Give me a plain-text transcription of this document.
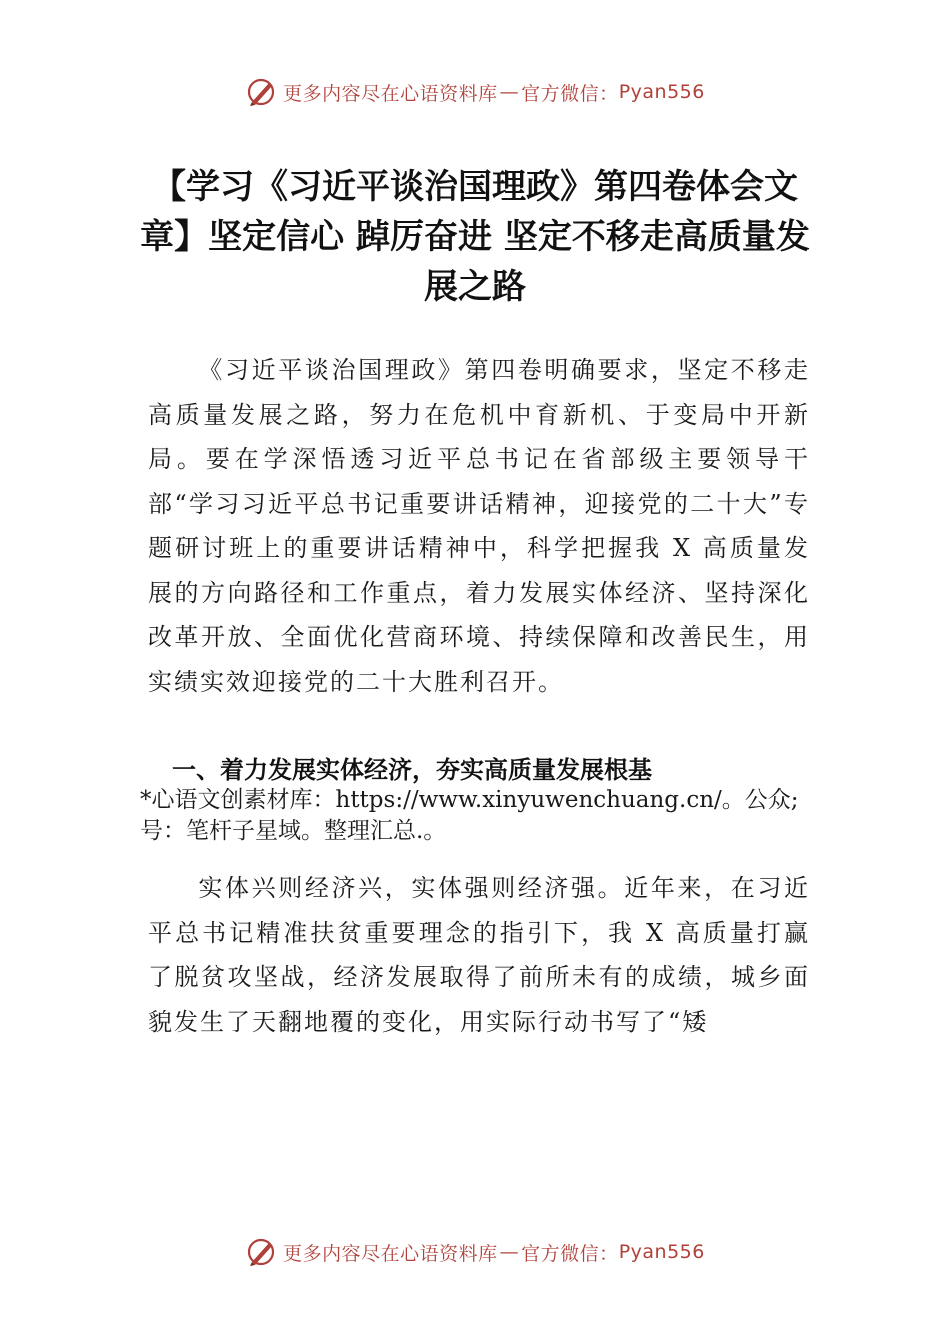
更多内容尽在心语资料库 — 官方微信： Pyan556
【学习《习近平谈治国理政》第四卷体会文章】坚定信心 踔厉奋进 坚定不移走高质量发展之路

《习近平谈治国理政》第四卷明确要求，坚定不移走高质量发展之路，努力在危机中育新机、于变局中开新局。要在学深悟透习近平总书记在省部级主要领导干部“学习习近平总书记重要讲话精神，迎接党的二十大”专题研讨班上的重要讲话精神中，科学把握我 X 高质量发展的方向路径和工作重点，着力发展实体经济、坚持深化改革开放、全面优化营商环境、持续保障和改善民生，用实绩实效迎接党的二十大胜利召开。

一、着力发展实体经济，夯实高质量发展根基

*心语文创素材库：https://www.xinyuwenchuang.cn/。公众;号：笔杆子星域。整理汇总.。

实体兴则经济兴，实体强则经济强。近年来，在习近平总书记精准扶贫重要理念的指引下，我 X 高质量打赢了脱贫攻坚战，经济发展取得了前所未有的成绩，城乡面貌发生了天翻地覆的变化，用实际行动书写了“矮

更多内容尽在心语资料库 — 官方微信： Pyan556
